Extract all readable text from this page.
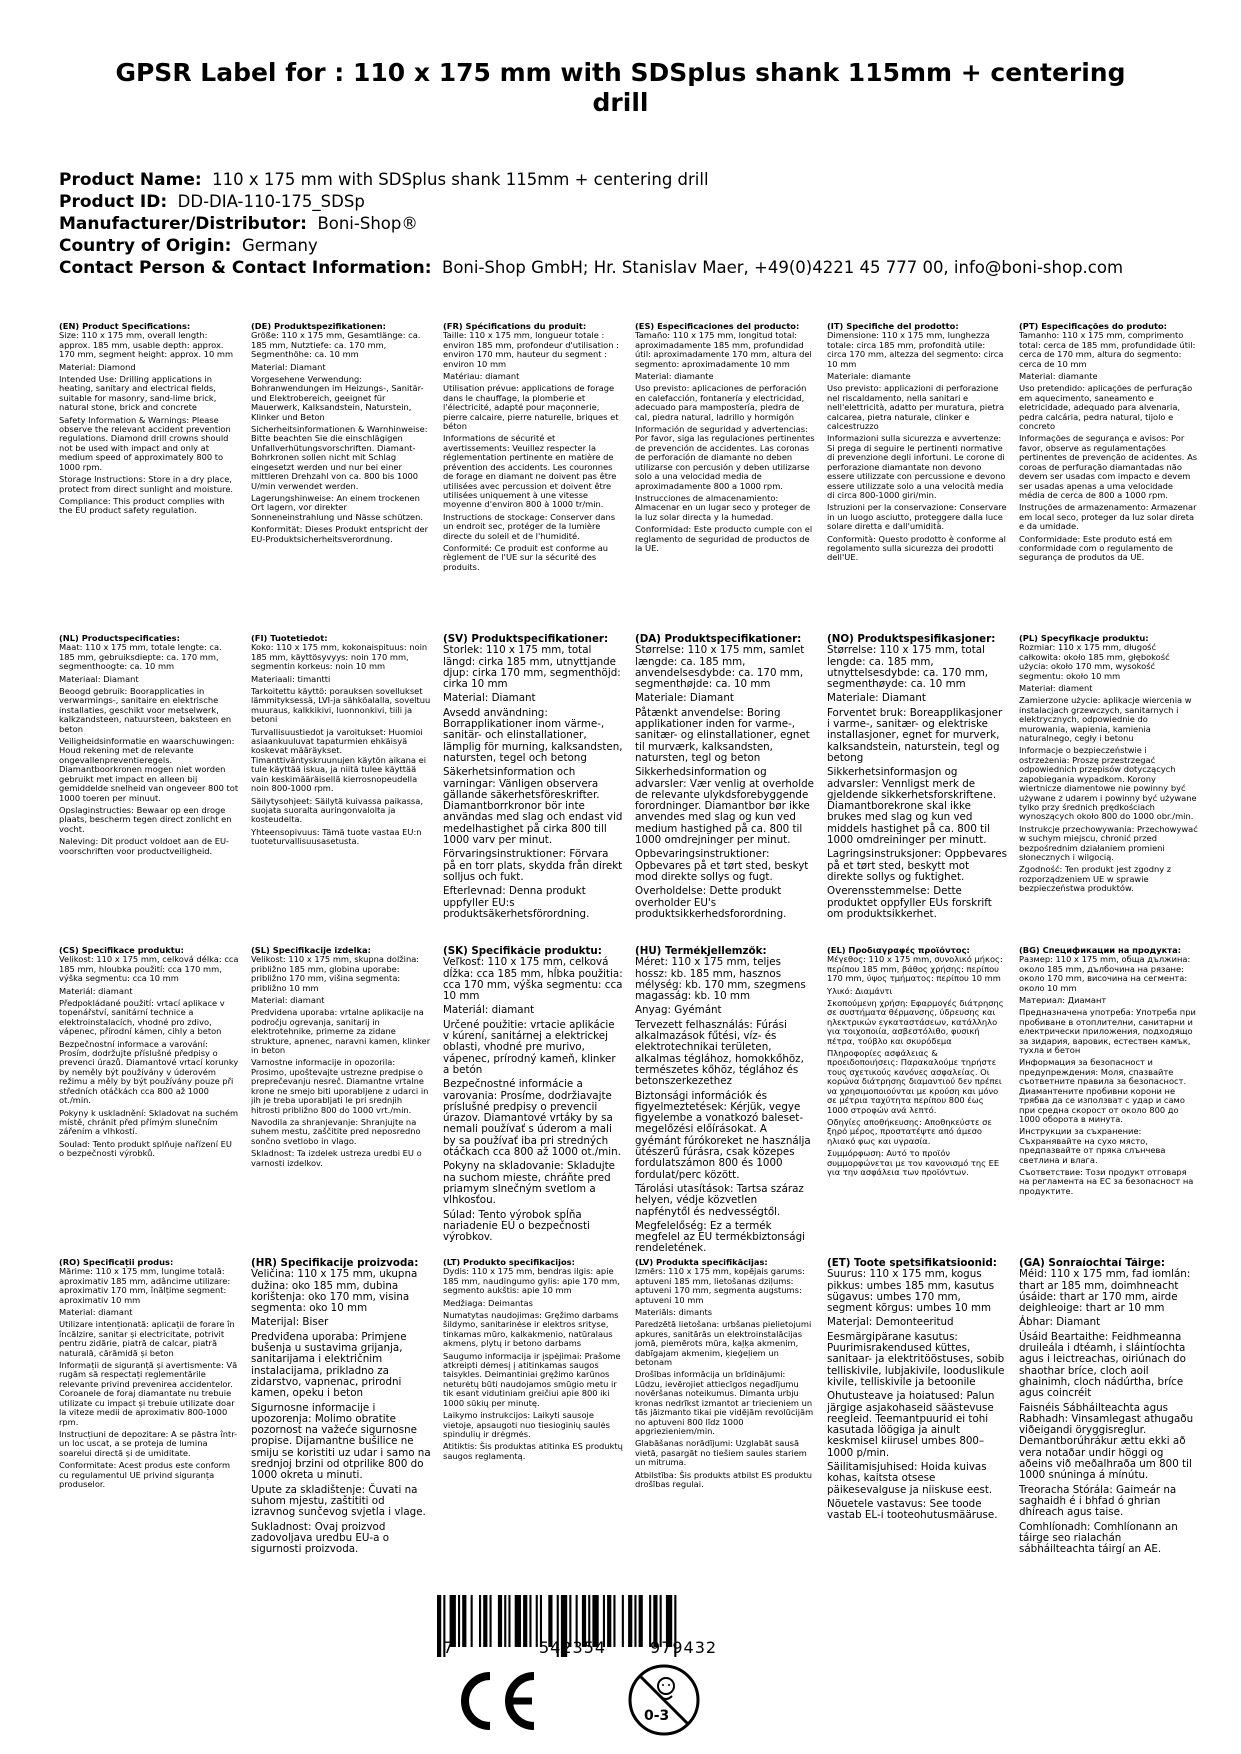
GPSR Label for : 110 x 175 mm with SDSplus shank 115mm + centering drill
Product Name: 110 x 175 mm with SDSplus shank 115mm + centering drill
Product ID: DD-DIA-110-175_SDSp
Manufacturer/Distributor: Boni-Shop®
Country of Origin: Germany
Contact Person & Contact Information: Boni-Shop GmbH; Hr. Stanislav Maer, +49(0)4221 45 777 00, info@boni-shop.com
(EN) Product Specifications:

Size: 110 x 175 mm, overall length: approx. 185 mm, usable depth: approx. 170 mm, segment height: approx. 10 mm

Material: Diamond

Intended Use: Drilling applications in heating, sanitary and electrical fields, suitable for masonry, sand-lime brick, natural stone, brick and concrete

Safety Information & Warnings: Please observe the relevant accident prevention regulations. Diamond drill crowns should not be used with impact and only at medium speed of approximately 800 to 1000 rpm.

Storage Instructions: Store in a dry place, protect from direct sunlight and moisture.

Compliance: This product complies with the EU product safety regulation.

(DE) Produktspezifikationen:

Größe: 110 x 175 mm, Gesamtlänge: ca. 185 mm, Nutztiefe: ca. 170 mm, Segmenthöhe: ca. 10 mm

Material: Diamant

Vorgesehene Verwendung: Bohranwendungen im Heizungs-, Sanitär- und Elektrobereich, geeignet für Mauerwerk, Kalksandstein, Naturstein, Klinker und Beton

Sicherheitsinformationen & Warnhinweise: Bitte beachten Sie die einschlägigen Unfallverhütungsvorschriften. Diamant-Bohrkronen sollen nicht mit Schlag eingesetzt werden und nur bei einer mittleren Drehzahl von ca. 800 bis 1000 U/min verwendet werden.

Lagerungshinweise: An einem trockenen Ort lagern, vor direkter Sonneneinstrahlung und Nässe schützen.

Konformität: Dieses Produkt entspricht der EU-Produktsicherheitsverordnung.

(FR) Spécifications du produit:

Taille: 110 x 175 mm, longueur totale : environ 185 mm, profondeur d'utilisation : environ 170 mm, hauteur du segment : environ 10 mm

Matériau: diamant

Utilisation prévue: applications de forage dans le chauffage, la plomberie et l'électricité, adapté pour maçonnerie, pierre calcaire, pierre naturelle, briques et béton

Informations de sécurité et avertissements: Veuillez respecter la réglementation pertinente en matière de prévention des accidents. Les couronnes de forage en diamant ne doivent pas être utilisées avec percussion et doivent être utilisées uniquement à une vitesse moyenne d'environ 800 à 1000 tr/min.

Instructions de stockage: Conserver dans un endroit sec, protéger de la lumière directe du soleil et de l'humidité.

Conformité: Ce produit est conforme au règlement de l'UE sur la sécurité des produits.

(ES) Especificaciones del producto:

Tamaño: 110 x 175 mm, longitud total: aproximadamente 185 mm, profundidad útil: aproximadamente 170 mm, altura del segmento: aproximadamente 10 mm

Material: diamante

Uso previsto: aplicaciones de perforación en calefacción, fontanería y electricidad, adecuado para mampostería, piedra de cal, piedra natural, ladrillo y hormigón

Información de seguridad y advertencias: Por favor, siga las regulaciones pertinentes de prevención de accidentes. Las coronas de perforación de diamante no deben utilizarse con percusión y deben utilizarse solo a una velocidad media de aproximadamente 800 a 1000 rpm.

Instrucciones de almacenamiento: Almacenar en un lugar seco y proteger de la luz solar directa y la humedad.

Conformidad: Este producto cumple con el reglamento de seguridad de productos de la UE.

(IT) Specifiche del prodotto:

Dimensione: 110 x 175 mm, lunghezza totale: circa 185 mm, profondità utile: circa 170 mm, altezza del segmento: circa 10 mm

Materiale: diamante

Uso previsto: applicazioni di perforazione nel riscaldamento, nella sanitari e nell'elettricità, adatto per muratura, pietra calcarea, pietra naturale, clinker e calcestruzzo

Informazioni sulla sicurezza e avvertenze: Si prega di seguire le pertinenti normative di prevenzione degli infortuni. Le corone di perforazione diamantate non devono essere utilizzate con percussione e devono essere utilizzate solo a una velocità media di circa 800-1000 giri/min.

Istruzioni per la conservazione: Conservare in un luogo asciutto, proteggere dalla luce solare diretta e dall'umidità.

Conformità: Questo prodotto è conforme al regolamento sulla sicurezza dei prodotti dell'UE.

(PT) Especificações do produto:

Tamanho: 110 x 175 mm, comprimento total: cerca de 185 mm, profundidade útil: cerca de 170 mm, altura do segmento: cerca de 10 mm

Material: diamante

Uso pretendido: aplicações de perfuração em aquecimento, saneamento e eletricidade, adequado para alvenaria, pedra calcária, pedra natural, tijolo e concreto

Informações de segurança e avisos: Por favor, observe as regulamentações pertinentes de prevenção de acidentes. As coroas de perfuração diamantadas não devem ser usadas com impacto e devem ser usadas apenas a uma velocidade média de cerca de 800 a 1000 rpm.

Instruções de armazenamento: Armazenar em local seco, proteger da luz solar direta e da umidade.

Conformidade: Este produto está em conformidade com o regulamento de segurança de produtos da UE.

(NL) Productspecificaties:

Maat: 110 x 175 mm, totale lengte: ca. 185 mm, gebruiksdiepte: ca. 170 mm, segmenthoogte: ca. 10 mm

Materiaal: Diamant

Beoogd gebruik: Boorapplicaties in verwarmings-, sanitaire en elektrische installaties, geschikt voor metselwerk, kalkzandsteen, natuursteen, baksteen en beton

Veiligheidsinformatie en waarschuwingen: Houd rekening met de relevante ongevallenpreventieregels. Diamantboorkronen mogen niet worden gebruikt met impact en alleen bij gemiddelde snelheid van ongeveer 800 tot 1000 toeren per minuut.

Opslaginstructies: Bewaar op een droge plaats, bescherm tegen direct zonlicht en vocht.

Naleving: Dit product voldoet aan de EU-voorschriften voor productveiligheid.

(FI) Tuotetiedot:

Koko: 110 x 175 mm, kokonaispituus: noin 185 mm, käyttösyvyys: noin 170 mm, segmentin korkeus: noin 10 mm

Materiaali: timantti

Tarkoitettu käyttö: porauksen sovellukset lämmityksessä, LVI-ja sähköalalla, soveltuu muuraus, kalkkikivi, luonnonkivi, tiili ja betoni

Turvallisuustiedot ja varoitukset: Huomioi asiaankuuluvat tapaturmien ehkäisyä koskevat määräykset. Timanttiväntyskruunujen käytön aikana ei tule käyttää iskua, ja niitä tulee käyttää vain keskimääräisellä kierrosnopeudella noin 800-1000 rpm.

Säilytysohjeet: Säilytä kuivassa paikassa, suojata suoralta auringonvalolta ja kosteudelta.

Yhteensopivuus: Tämä tuote vastaa EU:n tuoteturvallisuusasetusta.

(SV) Produktspecifikationer:

Storlek: 110 x 175 mm, total längd: cirka 185 mm, utnyttjande djup: cirka 170 mm, segmenthöjd: cirka 10 mm

Material: Diamant

Avsedd användning: Borrapplikationer inom värme-, sanitär- och elinstallationer, lämplig för murning, kalksandsten, natursten, tegel och betong

Säkerhetsinformation och varningar: Vänligen observera gällande säkerhetsföreskrifter. Diamantborrkronor bör inte användas med slag och endast vid medelhastighet på cirka 800 till 1000 varv per minut.

Förvaringsinstruktioner: Förvara på en torr plats, skydda från direkt solljus och fukt.

Efterlevnad: Denna produkt uppfyller EU:s produktsäkerhetsförordning.

(DA) Produktspecifikationer:

Størrelse: 110 x 175 mm, samlet længde: ca. 185 mm, anvendelsesdybde: ca. 170 mm, segmenthøjde: ca. 10 mm

Materiale: Diamant

Påtænkt anvendelse: Boring applikationer inden for varme-, sanitær- og elinstallationer, egnet til murværk, kalksandsten, natursten, tegl og beton

Sikkerhedsinformation og advarsler: Vær venlig at overholde de relevante ulykdsforebyggende forordninger. Diamantbor bør ikke anvendes med slag og kun ved medium hastighed på ca. 800 til 1000 omdrejninger per minut.

Opbevaringsinstruktioner: Opbevares på et tørt sted, beskyt mod direkte sollys og fugt.

Overholdelse: Dette produkt overholder EU's produktsikkerhedsforordning.

(NO) Produktspesifikasjoner:

Størrelse: 110 x 175 mm, total lengde: ca. 185 mm, utnyttelsesdybde: ca. 170 mm, segmenthøyde: ca. 10 mm

Materiale: Diamant

Forventet bruk: Boreapplikasjoner i varme-, sanitær- og elektriske installasjoner, egnet for murverk, kalksandstein, naturstein, tegl og betong

Sikkerhetsinformasjon og advarsler: Vennligst merk de gjeldende sikkerhetsforskriftene. Diamantborekrone skal ikke brukes med slag og kun ved middels hastighet på ca. 800 til 1000 omdreininger per minutt.

Lagringsinstruksjoner: Oppbevares på et tørt sted, beskytt mot direkte sollys og fuktighet.

Overensstemmelse: Dette produktet oppfyller EUs forskrift om produktsikkerhet.

(PL) Specyfikacje produktu:

Rozmiar: 110 x 175 mm, długość całkowita: około 185 mm, głębokość użycia: około 170 mm, wysokość segmentu: około 10 mm

Materiał: diament

Zamierzone użycie: aplikacje wiercenia w instalacjach grzewczych, sanitarnych i elektrycznych, odpowiednie do murowania, wapienia, kamienia naturalnego, cegły i betonu

Informacje o bezpieczeństwie i ostrzeżenia: Proszę przestrzegać odpowiednich przepisów dotyczących zapobiegania wypadkom. Korony wiertnicze diamentowe nie powinny być używane z udarem i powinny być używane tylko przy średnich prędkościach wynoszących około 800 do 1000 obr./min.

Instrukcje przechowywania: Przechowywać w suchym miejscu, chronić przed bezpośrednim działaniem promieni słonecznych i wilgocią.

Zgodność: Ten produkt jest zgodny z rozporządzeniem UE w sprawie bezpieczeństwa produktów.

(CS) Specifikace produktu:

Velikost: 110 x 175 mm, celková délka: cca 185 mm, hloubka použití: cca 170 mm, výška segmentu: cca 10 mm

Materiál: diamant

Předpokládané použití: vrtací aplikace v topenářství, sanitární technice a elektroinstalacích, vhodné pro zdivo, vápenec, přírodní kámen, cihly a beton

Bezpečnostní informace a varování: Prosím, dodržujte příslušné předpisy o prevenci úrazů. Diamantové vrtací korunky by neměly být používány v úderovém režimu a měly by být používány pouze při středních otáčkách cca 800 až 1000 ot./min.

Pokyny k uskladnění: Skladovat na suchém místě, chránit před přímým slunečním zářením a vlhkostí.

Soulad: Tento produkt splňuje nařízení EU o bezpečnosti výrobků.

(SL) Specifikacije izdelka:

Velikost: 110 x 175 mm, skupna dolžina: približno 185 mm, globina uporabe: približno 170 mm, višina segmenta: približno 10 mm

Material: diamant

Predvidena uporaba: vrtalne aplikacije na področju ogrevanja, sanitarij in elektrotehnike, primerne za zidane strukture, apnenec, naravni kamen, klinker in beton

Varnostne informacije in opozorila: Prosimo, upoštevajte ustrezne predpise o preprečevanju nesreč. Diamantne vrtalne krone ne smejo biti uporabljene z udarci in jih je treba uporabljati le pri srednjih hitrosti približno 800 do 1000 vrt./min.

Navodila za shranjevanje: Shranjujte na suhem mestu, zaščitite pred neposredno sončno svetlobo in vlago.

Skladnost: Ta izdelek ustreza uredbi EU o varnosti izdelkov.

(SK) Špecifikácie produktu:

Veľkosť: 110 x 175 mm, celková dĺžka: cca 185 mm, hĺbka použitia: cca 170 mm, výška segmentu: cca 10 mm

Materiál: diamant

Určené použitie: vrtacie aplikácie v kúrení, sanitárnej a elektrickej oblasti, vhodné pre murivo, vápenec, prírodný kameň, klinker a betón

Bezpečnostné informácie a varovania: Prosíme, dodržiavajte príslušné predpisy o prevencii úrazov. Diamantové vrtáky by sa nemali používať s úderom a mali by sa používať iba pri stredných otáčkach cca 800 až 1000 ot./min.

Pokyny na skladovanie: Skladujte na suchom mieste, chráňte pred priamym slnečným svetlom a vlhkosťou.

Súlad: Tento výrobok spĺňa nariadenie EÚ o bezpečnosti výrobkov.

(HU) Termékjellemzők:

Méret: 110 x 175 mm, teljes hossz: kb. 185 mm, hasznos mélység: kb. 170 mm, szegmens magasság: kb. 10 mm

Anyag: Gyémánt

Tervezett felhasználás: Fúrási alkalmazások fűtési, víz- és elektrotechnikai területen, alkalmas téglához, homokkőhöz, természetes kőhöz, téglához és betonszerkezethez

Biztonsági információk és figyelmeztetések: Kérjük, vegye figyelembe a vonatkozó baleset-megelőzési előírásokat. A gyémánt fúrókoreket ne használja ütészerű fúrásra, csak közepes fordulatszámon 800 és 1000 fordulat/perc között.

Tárolási utasítások: Tartsa száraz helyen, védje közvetlen napfénytől és nedvességtől.

Megfelelőség: Ez a termék megfelel az EU termékbiztonsági rendeletének.

(EL) Προδιαγραφές προϊόντος:

Μέγεθος: 110 x 175 mm, συνολικό μήκος: περίπου 185 mm, βάθος χρήσης: περίπου 170 mm, ύψος τμήματος: περίπου 10 mm

Υλικό: Διαμάντι

Σκοπούμενη χρήση: Εφαρμογές διάτρησης σε συστήματα θέρμανσης, ύδρευσης και ηλεκτρικών εγκαταστάσεων, κατάλληλο για τοιχοποιία, ασβεστόλιθο, φυσική πέτρα, τούβλο και σκυρόδεμα

Πληροφορίες ασφάλειας & προειδοποιήσεις: Παρακαλούμε τηρήστε τους σχετικούς κανόνες ασφαλείας. Οι κορώνα διάτρησης διαμαντιού δεν πρέπει να χρησιμοποιούνται με κρούση και μόνο σε μέτρια ταχύτητα περίπου 800 έως 1000 στροφών ανά λεπτό.

Οδηγίες αποθήκευσης: Αποθηκεύστε σε ξηρό μέρος, προστατέψτε από άμεσο ηλιακό φως και υγρασία.

Συμμόρφωση: Αυτό το προϊόν συμμορφώνεται με τον κανονισμό της ΕΕ για την ασφάλεια των προϊόντων.

(BG) Спецификации на продукта:

Размер: 110 x 175 mm, обща дължина: около 185 mm, дълбочина на рязане: около 170 mm, височина на сегмента: около 10 mm

Материал: Диамант

Предназначена употреба: Употреба при пробиване в отоплителни, санитарни и електрически приложения, подходящо за зидария, варовик, естествен камък, тухла и бетон

Информация за безопасност и предупреждения: Моля, спазвайте съответните правила за безопасност. Диамантените пробивни корони не трябва да се използват с удар и само при средна скорост от около 800 до 1000 оборота в минута.

Инструкции за съхранение: Съхранявайте на сухо място, предпазвайте от пряка слънчева светлина и влага.

Съответствие: Този продукт отговаря на регламента на ЕС за безопасност на продуктите.

(RO) Specificații produs:

Mărime: 110 x 175 mm, lungime totală: aproximativ 185 mm, adâncime utilizare: aproximativ 170 mm, înălțime segment: aproximativ 10 mm

Material: diamant

Utilizare intenționată: aplicații de forare în încălzire, sanitar și electricitate, potrivit pentru zidărie, piatră de calcar, piatră naturală, cărămidă și beton

Informații de siguranță și avertismente: Vă rugăm să respectați reglementările relevante privind prevenirea accidentelor. Coroanele de foraj diamantate nu trebuie utilizate cu impact și trebuie utilizate doar la viteze medii de aproximativ 800-1000 rpm.

Instrucțiuni de depozitare: A se păstra într-un loc uscat, a se proteja de lumina soarelui directă și de umiditate.

Conformitate: Acest produs este conform cu regulamentul UE privind siguranța produselor.

(HR) Specifikacije proizvoda:

Veličina: 110 x 175 mm, ukupna dužina: oko 185 mm, dubina korištenja: oko 170 mm, visina segmenta: oko 10 mm

Materijal: Biser

Predviđena uporaba: Primjene bušenja u sustavima grijanja, sanitarijama i električnim instalacijama, prikladno za zidarstvo, vapnenac, prirodni kamen, opeku i beton

Sigurnosne informacije i upozorenja: Molimo obratite pozornost na važeće sigurnosne propise. Dijamantne bušilice ne smiju se koristiti uz udar i samo na srednjoj brzini od otprilike 800 do 1000 okreta u minuti.

Upute za skladištenje: Čuvati na suhom mjestu, zaštititi od izravnog sunčevog svjetla i vlage.

Sukladnost: Ovaj proizvod zadovoljava uredbu EU-a o sigurnosti proizvoda.

(LT) Produkto specifikacijos:

Dydis: 110 x 175 mm, bendras ilgis: apie 185 mm, naudingumo gylis: apie 170 mm, segmento aukštis: apie 10 mm

Medžiaga: Deimantas

Numatytas naudojimas: Gręžimo darbams šildymo, sanitarinėse ir elektros srityse, tinkamas mūro, kalkakmenio, natūralaus akmens, plytų ir betono darbams

Saugumo informacija ir įspėjimai: Prašome atkreipti dėmesį į atitinkamas saugos taisykles. Deimantiniai gręžimo karūnos neturėtų būti naudojamos smūgio metu ir tik esant vidutiniam greičiui apie 800 iki 1000 sūkių per minutę.

Laikymo instrukcijos: Laikyti sausoje vietoje, apsaugoti nuo tiesioginių saulės spindulių ir drėgmės.

Atitiktis: Šis produktas atitinka ES produktų saugos reglamentą.

(LV) Produkta specifikācijas:

Izmērs: 110 x 175 mm, kopējais garums: aptuveni 185 mm, lietošanas dziļums: aptuveni 170 mm, segmenta augstums: aptuveni 10 mm

Materiāls: dimants

Paredzētā lietošana: urbšanas pielietojumi apkures, sanitārās un elektroinstalācijas jomā, piemērots mūra, kaļķa akmenim, dabīgajam akmenim, ķieģeļiem un betonam

Drošības informācija un brīdinājumi: Lūdzu, ievērojiet attiecīgos negadījumu novēršanas noteikumus. Dimanta urbju kronas nedrīkst izmantot ar triecieniem un tās jāizmanto tikai pie vidējām revolūcijām no aptuveni 800 līdz 1000 apgriezieniem/min.

Glabāšanas norādījumi: Uzglabāt sausā vietā, pasargāt no tiešiem saules stariem un mitruma.

Atbilstība: Šis produkts atbilst ES produktu drošības regulai.

(ET) Toote spetsifikatsioonid:

Suurus: 110 x 175 mm, kogus pikkus: umbes 185 mm, kasutus sügavus: umbes 170 mm, segment kõrgus: umbes 10 mm

Materjal: Demonteeritud

Eesmärgipärane kasutus: Puurimisrakendused küttes, sanitaar- ja elektritööstuses, sobib telliskivile, lubjakivile, looduslikule kivile, telliskivile ja betoonile

Ohutusteave ja hoiatused: Palun järgige asjakohaseid säästevuse reegleid. Teemantpuurid ei tohi kasutada löögiga ja ainult keskmisel kiirusel umbes 800–1000 p/min.

Säilitamisjuhised: Hoida kuivas kohas, kaitsta otsese päikesevalguse ja niiskuse eest.

Nõuetele vastavus: See toode vastab EL-i tooteohutusmääruse.

(GA) Sonraíochtaí Táirge:

Méid: 110 x 175 mm, fad iomlán: thart ar 185 mm, doimhneacht úsáide: thart ar 170 mm, airde deighleoige: thart ar 10 mm

Ábhar: Diamant

Úsáid Beartaithe: Feidhmeanna druileála i dtéamh, i sláintíochta agus i leictreachas, oiriúnach do shaothar bríce, cloch aoil ghainimh, cloch nádúrtha, bríce agus coincréit

Faisnéis Sábháilteachta agus Rabhadh: Vinsamlegast athugaðu viðeigandi öryggisreglur. Demantborúhrákur ættu ekki að vera notaðar undir höggi og aðeins við meðalhraða um 800 til 1000 snúninga á mínútu.

Treoracha Stórála: Gaimeár na saghaidh é i bhfad ó ghrian dhíreach agus taise.

Comhlíonadh: Comhlíonann an táirge seo rialachán sábháilteachta táirgí an AE.

7	542354	979432
0-3
